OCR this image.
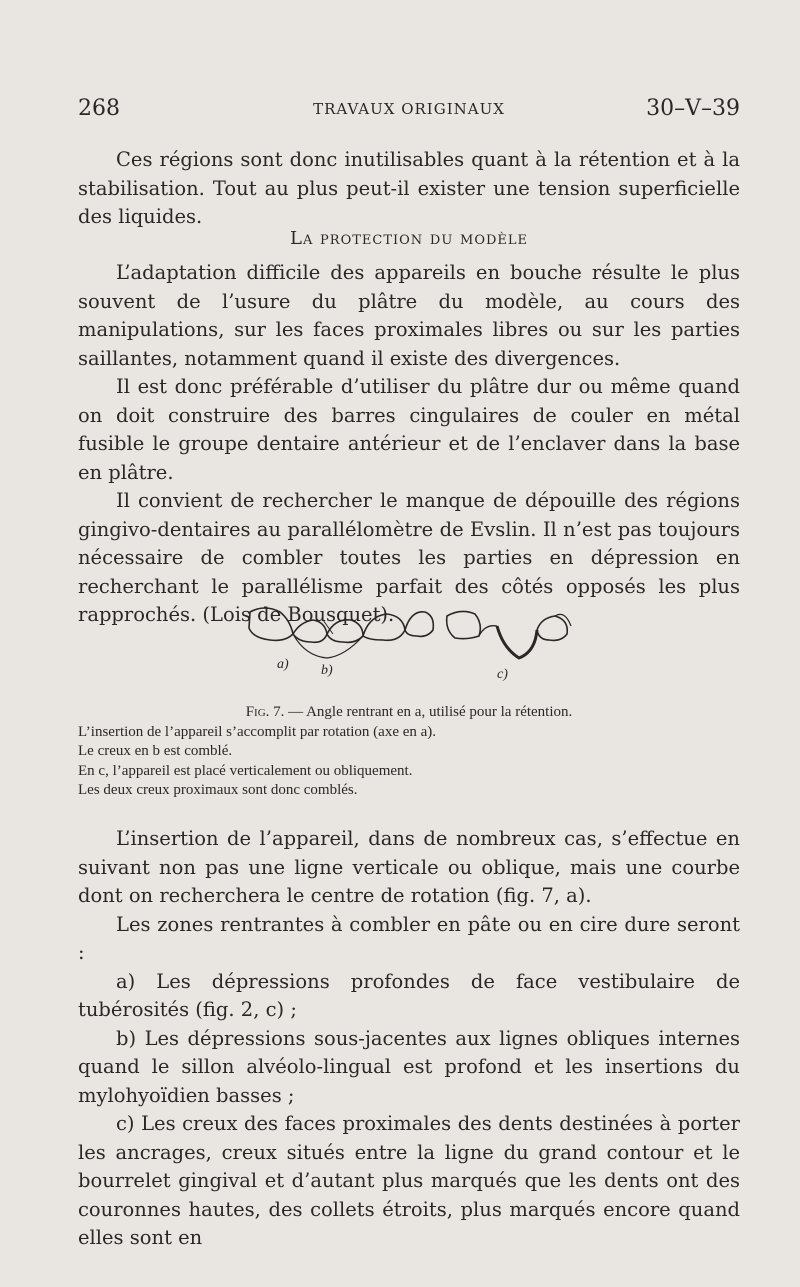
268	TRAVAUX ORIGINAUX	30–V–39

Ces régions sont donc inutilisables quant à la rétention et à la stabilisation. Tout au plus peut-il exister une tension superficielle des liquides.

La protection du modèle

L’adaptation difficile des appareils en bouche résulte le plus souvent de l’usure du plâtre du modèle, au cours des manipulations, sur les faces proximales libres ou sur les parties saillantes, notamment quand il existe des divergences.

Il est donc préférable d’utiliser du plâtre dur ou même quand on doit construire des barres cingulaires de couler en métal fusible le groupe dentaire antérieur et de l’enclaver dans la base en plâtre.

Il convient de rechercher le manque de dépouille des régions gingivo-dentaires au parallélomètre de Evslin. Il n’est pas toujours nécessaire de combler toutes les parties en dépression en recherchant le parallélisme parfait des côtés opposés les plus rapprochés. (Lois de Bousquet).

a) b)	c)
Fig. 7. — Angle rentrant en a, utilisé pour la rétention.
L’insertion de l’appareil s’accomplit par rotation (axe en a).
Le creux en b est comblé.
En c, l’appareil est placé verticalement ou obliquement.
Les deux creux proximaux sont donc comblés.

L’insertion de l’appareil, dans de nombreux cas, s’effectue en suivant non pas une ligne verticale ou oblique, mais une courbe dont on recherchera le centre de rotation (fig. 7, a).

Les zones rentrantes à combler en pâte ou en cire dure seront :

a) Les dépressions profondes de face vestibulaire de tubérosités (fig. 2, c) ;

b) Les dépressions sous-jacentes aux lignes obliques internes quand le sillon alvéolo-lingual est profond et les insertions du mylohyoïdien basses ;

c) Les creux des faces proximales des dents destinées à porter les ancrages, creux situés entre la ligne du grand contour et le bourrelet gingival et d’autant plus marqués que les dents ont des couronnes hautes, des collets étroits, plus marqués encore quand elles sont en
